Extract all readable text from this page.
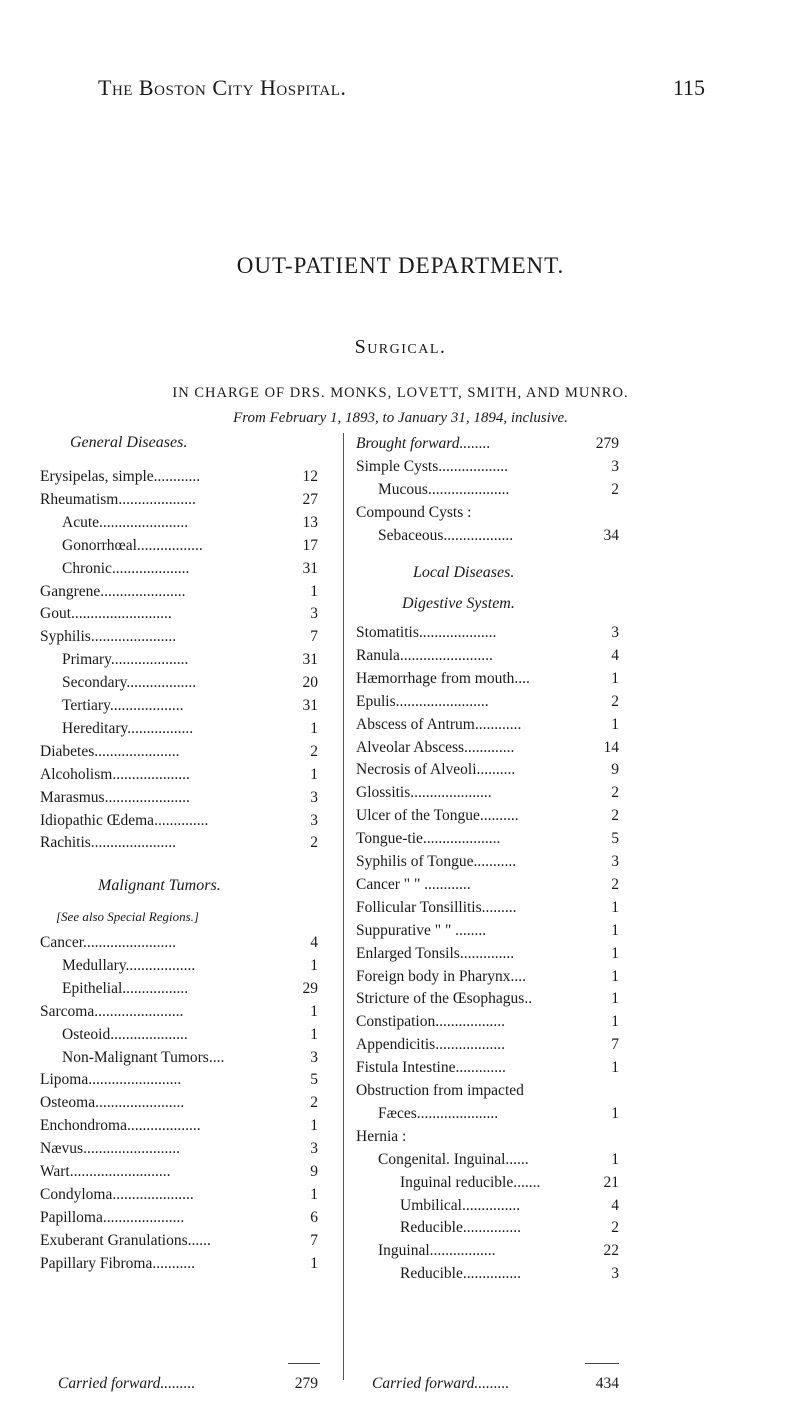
The Boston City Hospital.	115
OUT-PATIENT DEPARTMENT.
Surgical.
IN CHARGE OF DRS. MONKS, LOVETT, SMITH, AND MUNRO.
From February 1, 1893, to January 31, 1894, inclusive.
General Diseases.
Erysipelas, simple............	12
Rheumatism....................	27
Acute.......................	13
Gonorrhœal.................	17
Chronic....................	31
Gangrene......................	1
Gout..........................	3
Syphilis......................	7
Primary....................	31
Secondary..................	20
Tertiary...................	31
Hereditary.................	1
Diabetes......................	2
Alcoholism....................	1
Marasmus......................	3
Idiopathic Œdema..............	3
Rachitis......................	2
Malignant Tumors.
[See also Special Regions.]
Cancer........................	4
Medullary..................	1
Epithelial.................	29
Sarcoma.......................	1
Osteoid....................	1
Non-Malignant Tumors....	3
Lipoma........................	5
Osteoma.......................	2
Enchondroma...................	1
Nævus.........................	3
Wart..........................	9
Condyloma.....................	1
Papilloma.....................	6
Exuberant Granulations......	7
Papillary Fibroma...........	1
Carried forward.........	279
Brought forward........	279
Simple Cysts..................	3
Mucous.....................	2
Compound Cysts :
Sebaceous..................	34
Local Diseases.
Digestive System.
Stomatitis....................	3
Ranula........................	4
Hæmorrhage from mouth....	1
Epulis........................	2
Abscess of Antrum............	1
Alveolar Abscess.............	14
Necrosis of Alveoli..........	9
Glossitis.....................	2
Ulcer of the Tongue..........	2
Tongue-tie....................	5
Syphilis of Tongue...........	3
Cancer " " ............	2
Follicular Tonsillitis.........	1
Suppurative " " ........	1
Enlarged Tonsils..............	1
Foreign body in Pharynx....	1
Stricture of the Œsophagus..	1
Constipation..................	1
Appendicitis..................	7
Fistula Intestine.............	1
Obstruction from impacted
Fæces.....................	1
Hernia :
Congenital. Inguinal......	1
Inguinal reducible.......	21
Umbilical...............	4
Reducible...............	2
Inguinal.................	22
Reducible...............	3
Carried forward.........	434
